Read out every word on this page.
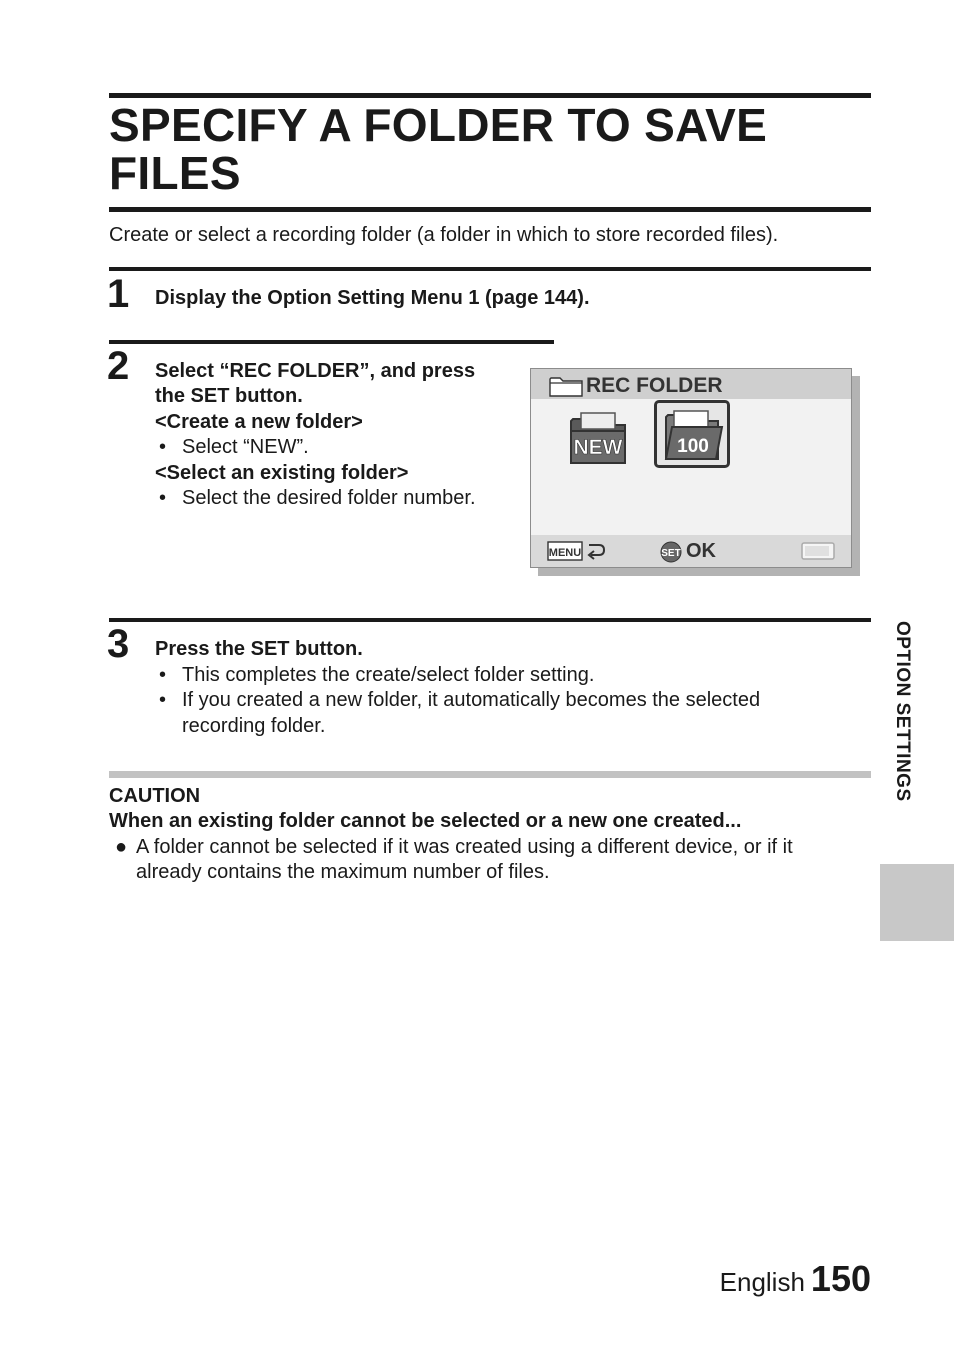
SPECIFY A FOLDER TO SAVE FILES
Create or select a recording folder (a folder in which to store recorded files).
1 Display the Option Setting Menu 1 (page 144).
2 Select “REC FOLDER”, and press
the SET button.
<Create a new folder>
• Select “NEW”.
<Select an existing folder>
• Select the desired folder number.
REC FOLDER
NEW	100
MENU	SET OK
3 Press the SET button.
• This completes the create/select folder setting.
• If you created a new folder, it automatically becomes the selected
recording folder.
CAUTION
When an existing folder cannot be selected or a new one created...
● A folder cannot be selected if it was created using a different device, or if it
already contains the maximum number of files.
OPTION SETTINGS
English 150
